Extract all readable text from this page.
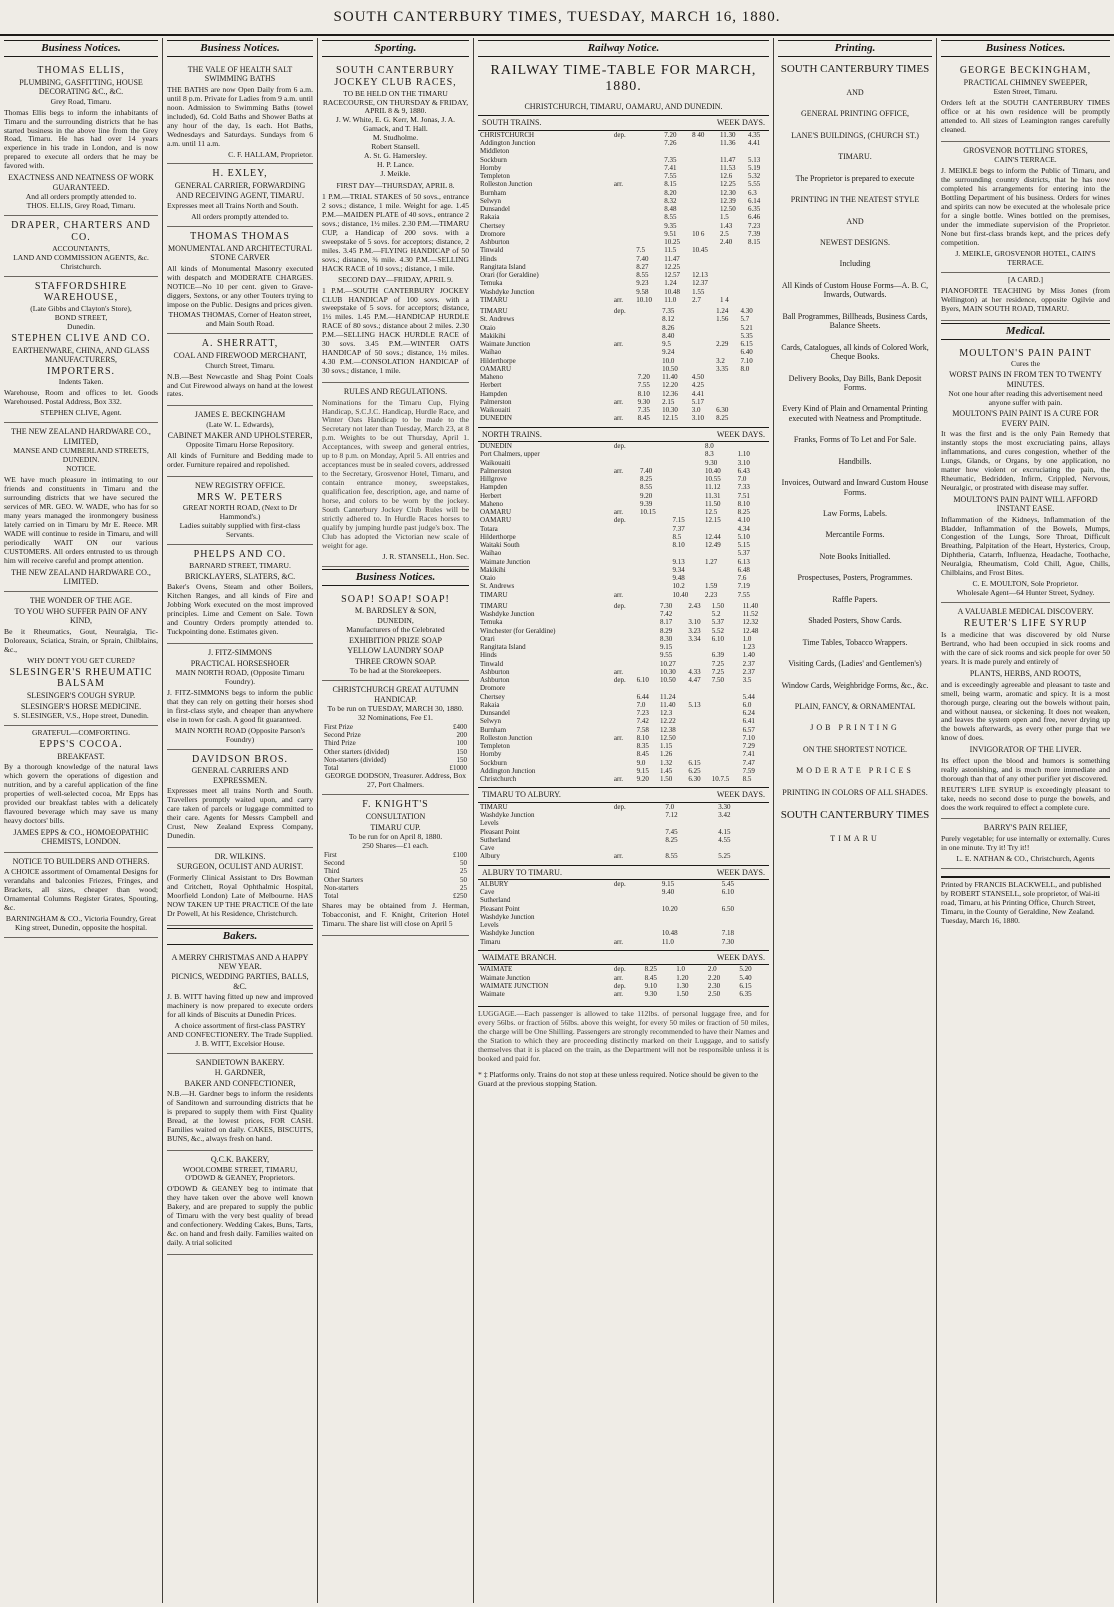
SOUTH CANTERBURY TIMES, TUESDAY, MARCH 16, 1880.
Business Notices.
THOMAS ELLIS,
PLUMBING, GASFITTING, HOUSE DECORATING &C., &C.
Grey Road, Timaru.

Thomas Ellis begs to inform the inhabitants of Timaru and the surrounding districts that he has started business in the above line from the Grey Road, Timaru. He has had over 14 years experience in his trade in London, and is now prepared to execute all orders that he may be favored with.

EXACTNESS AND NEATNESS OF WORK GUARANTEED.
And all orders promptly attended to.
THOS. ELLIS, Grey Road, Timaru.
DRAPER, CHARTERS AND CO.
ACCOUNTANTS,
LAND AND COMMISSION AGENTS, &c.
Christchurch.
STAFFORDSHIRE WAREHOUSE,
(Late Gibbs and Clayton's Store),
BOND STREET,
Dunedin.
STEPHEN CLIVE AND CO.
EARTHENWARE, CHINA, AND GLASS MANUFACTURERS,
IMPORTERS.
Indents Taken.

Warehouse, Room and offices to let. Goods Warehoused. Postal Address, Box 332.

STEPHEN CLIVE, Agent.
THE NEW ZEALAND HARDWARE CO., LIMITED,
MANSE AND CUMBERLAND STREETS, DUNEDIN.
NOTICE.

WE have much pleasure in intimating to our friends and constituents in Timaru and the surrounding districts that we have secured the services of MR. GEO. W. WADE, who has for so many years managed the ironmongery business lately carried on in Timaru by Mr E. Reece. MR WADE will continue to reside in Timaru, and will periodically WAIT ON our various CUSTOMERS. All orders entrusted to us through him will receive careful and prompt attention.

THE NEW ZEALAND HARDWARE CO., LIMITED.
THE WONDER OF THE AGE.
TO YOU WHO SUFFER PAIN OF ANY KIND,

Be it Rheumatics, Gout, Neuralgia, Tic-Doloreaux, Sciatica, Strain, or Sprain, Chilblains, &c.,

WHY DON'T YOU GET CURED?
SLESINGER'S RHEUMATIC BALSAM
SLESINGER'S COUGH SYRUP.
SLESINGER'S HORSE MEDICINE.
S. SLESINGER, V.S., Hope street, Dunedin.
GRATEFUL—COMFORTING.
EPPS'S COCOA.
BREAKFAST.

By a thorough knowledge of the natural laws which govern the operations of digestion and nutrition, and by a careful application of the fine properties of well-selected cocoa, Mr Epps has provided our breakfast tables with a delicately flavoured beverage which may save us many heavy doctors' bills.

JAMES EPPS & CO., HOMOEOPATHIC CHEMISTS, LONDON.
NOTICE TO BUILDERS AND OTHERS.

A CHOICE assortment of Ornamental Designs for verandahs and balconies Friezes, Fringes, and Brackets, all sizes, cheaper than wood; Ornamental Columns Register Grates, Spouting, &c.

BARNINGHAM & CO., Victoria Foundry, Great King street, Dunedin, opposite the hospital.
Business Notices.
THE VALE OF HEALTH SALT SWIMMING BATHS

THE BATHS are now Open Daily from 6 a.m. until 8 p.m. Private for Ladies from 9 a.m. until noon. Admission to Swimming Baths (towel included), 6d. Cold Baths and Shower Baths at any hour of the day, 1s each. Hot Baths, Wednesdays and Saturdays. Sundays from 6 a.m. until 11 a.m.

C. F. HALLAM, Proprietor.
H. EXLEY,
GENERAL CARRIER, FORWARDING AND RECEIVING AGENT, TIMARU.

Expresses meet all Trains North and South.

All orders promptly attended to.
THOMAS THOMAS
MONUMENTAL AND ARCHITECTURAL STONE CARVER

All kinds of Monumental Masonry executed with despatch and MODERATE CHARGES. NOTICE—No 10 per cent. given to Grave-diggers, Sextons, or any other Touters trying to impose on the Public. Designs and prices given.

THOMAS THOMAS, Corner of Heaton street, and Main South Road.
A. SHERRATT,
COAL AND FIREWOOD MERCHANT,
Church Street, Timaru.

N.B.—Best Newcastle and Shag Point Coals and Cut Firewood always on hand at the lowest rates.

JAMES E. BECKINGHAM
(Late W. L. Edwards),
CABINET MAKER AND UPHOLSTERER,
Opposite Timaru Horse Repository.

All kinds of Furniture and Bedding made to order. Furniture repaired and repolished.

NEW REGISTRY OFFICE.
MRS W. PETERS
GREAT NORTH ROAD, (Next to Dr Hammond's.)
Ladies suitably supplied with first-class Servants.
PHELPS AND CO.
BARNARD STREET, TIMARU.
BRICKLAYERS, SLATERS, &C.

Baker's Ovens, Steam and other Boilers, Kitchen Ranges, and all kinds of Fire and Jobbing Work executed on the most improved principles. Lime and Cement on Sale. Town and Country Orders promptly attended to. Tuckpointing done. Estimates given.

J. FITZ-SIMMONS
PRACTICAL HORSESHOER
MAIN NORTH ROAD, (Opposite Timaru Foundry).

J. FITZ-SIMMONS begs to inform the public that they can rely on getting their horses shod in first-class style, and cheaper than anywhere else in town for cash. A good fit guaranteed.

MAIN NORTH ROAD (Opposite Parson's Foundry)
DAVIDSON BROS.
GENERAL CARRIERS AND EXPRESSMEN.

Expresses meet all trains North and South. Travellers promptly waited upon, and carry care taken of parcels or luggage committed to their care. Agents for Messrs Campbell and Crust, New Zealand Express Company, Dunedin.

DR. WILKINS.
SURGEON, OCULIST AND AURIST.

(Formerly Clinical Assistant to Drs Bowman and Critchett, Royal Ophthalmic Hospital, Moorfield London) Late of Melbourne. HAS NOW TAKEN UP THE PRACTICE Of the late Dr Powell, At his Residence, Christchurch.

Bakers.
A MERRY CHRISTMAS AND A HAPPY NEW YEAR.
PICNICS, WEDDING PARTIES, BALLS, &C.

J. B. WITT having fitted up new and improved machinery is now prepared to execute orders for all kinds of Biscuits at Dunedin Prices.

A choice assortment of first-class PASTRY AND CONFECTIONERY. The Trade Supplied.
J. B. WITT, Excelsior House.
SANDIETOWN BAKERY.
H. GARDNER,
BAKER AND CONFECTIONER,

N.B.—H. Gardner begs to inform the residents of Sanditown and surrounding districts that he is prepared to supply them with First Quality Bread, at the lowest prices, FOR CASH. Families waited on daily. CAKES, BISCUITS, BUNS, &c., always fresh on hand.

Q.C.K. BAKERY,
WOOLCOMBE STREET, TIMARU,
O'DOWD & GEANEY, Proprietors.

O'DOWD & GEANEY beg to intimate that they have taken over the above well known Bakery, and are prepared to supply the public of Timaru with the very best quality of bread and confectionery. Wedding Cakes, Buns, Tarts, &c. on hand and fresh daily. Families waited on daily. A trial solicited

Sporting.
SOUTH CANTERBURY JOCKEY CLUB RACES,
TO BE HELD ON THE TIMARU RACECOURSE, ON THURSDAY & FRIDAY, APRIL 8 & 9, 1880.
J. W. White, E. G. Kerr, M. Jonas, J. A. Gamack, and T. Hall.
M. Studholme.
Robert Stansell.
A. St. G. Hamersley.
H. P. Lance.
J. Meikle.
FIRST DAY—THURSDAY, APRIL 8.

1 P.M.—TRIAL STAKES of 50 sovs., entrance 2 sovs.; distance, 1 mile. Weight for age. 1.45 P.M.—MAIDEN PLATE of 40 sovs., entrance 2 sovs.; distance, 1½ miles. 2.30 P.M.—TIMARU CUP, a Handicap of 200 sovs. with a sweepstake of 5 sovs. for acceptors; distance, 2 miles. 3.45 P.M.—FLYING HANDICAP of 50 sovs.; distance, ¾ mile. 4.30 P.M.—SELLING HACK RACE of 10 sovs.; distance, 1 mile.

SECOND DAY—FRIDAY, APRIL 9.

1 P.M.—SOUTH CANTERBURY JOCKEY CLUB HANDICAP of 100 sovs. with a sweepstake of 5 sovs. for acceptors; distance, 1½ miles. 1.45 P.M.—HANDICAP HURDLE RACE of 80 sovs.; distance about 2 miles. 2.30 P.M.—SELLING HACK HURDLE RACE of 30 sovs. 3.45 P.M.—WINTER OATS HANDICAP of 50 sovs.; distance, 1½ miles. 4.30 P.M.—CONSOLATION HANDICAP of 30 sovs.; distance, 1 mile.

RULES AND REGULATIONS.

Nominations for the Timaru Cup, Flying Handicap, S.C.J.C. Handicap, Hurdle Race, and Winter Oats Handicap to be made to the Secretary not later than Tuesday, March 23, at 8 p.m. Weights to be out Thursday, April 1. Acceptances, with sweep and general entries, up to 8 p.m. on Monday, April 5. All entries and acceptances must be in sealed covers, addressed to the Secretary, Grosvenor Hotel, Timaru, and contain entrance money, sweepstakes, qualification fee, description, age, and name of horse, and colors to be worn by the jockey. South Canterbury Jockey Club Rules will be strictly adhered to. In Hurdle Races horses to qualify by jumping hurdle past judge's box. The Club has adopted the Victorian new scale of weight for age.

J. R. STANSELL, Hon. Sec.
Business Notices.
SOAP! SOAP! SOAP!
M. BARDSLEY & SON,
DUNEDIN,
Manufacturers of the Celebrated
EXHIBITION PRIZE SOAP
YELLOW LAUNDRY SOAP
THREE CROWN SOAP.
To be had at the Storekeepers.
CHRISTCHURCH GREAT AUTUMN HANDICAP.
To be run on TUESDAY, MARCH 30, 1880.
32 Nominations, Fee £1.
First Prize	£400
Second Prize	200
Third Prize	100
Other starters (divided)	150
Non-starters (divided)	150
Total	£1000
GEORGE DODSON, Treasurer. Address, Box 27, Port Chalmers.
F. KNIGHT'S
CONSULTATION
TIMARU CUP.
To be run for on April 8, 1880.
250 Shares—£1 each.
First	£100
Second	50
Third	25
Other Starters	50
Non-starters	25
Total	£250

Shares may be obtained from J. Herman, Tobacconist, and F. Knight, Criterion Hotel Timaru. The share list will close on April 5

Railway Notice.
RAILWAY TIME-TABLE FOR MARCH, 1880.
CHRISTCHURCH, TIMARU, OAMARU, AND DUNEDIN.
SOUTH TRAINS.	WEEK DAYS.
CHRISTCHURCH	dep.		7.20	8 40	11.30	4.35
Addington Junction			7.26		11.36	4.41
Middleton						
Sockburn			7.35		11.47	5.13
Hornby			7.41		11.53	5.19
Templeton			7.55		12.6	5.32
Rolleston Junction	arr.		8.15		12.25	5.55
Burnham			8.20		12.30	6.3
Selwyn			8.32		12.39	6.14
Dunsandel			8.48		12.50	6.35
Rakaia			8.55		1.5	6.46
Chertsey			9.35		1.43	7.23
Dromore			9.51	10 6	2.5	7.39
Ashburton			10.25		2.40	8.15
Tinwald		7.5	11.5	10.45		
Hinds		7.40	11.47			
Rangitata Island		8.27	12.25			
Orari (for Geraldine)		8.55	12.57	12.13		
Temuka		9.23	1.24	12.37		
Washdyke Junction		9.58	10.48	1.55		
TIMARU	arr.	10.10	11.0	2.7	1 4	
TIMARU	dep.		7.35		1.24	4.30	
St. Andrews			8.12		1.56	5.7	
Otaio			8.26			5.21	
Makikihi			8.40			5.35	
Waimate Junction	arr.		9.5		2.29	6.15	
Waihao			9.24			6.40	
Hilderthorpe			10.0		3.2	7.10	
OAMARU			10.50		3.35	8.0	
Maheno		7.20	11.40	4.50			
Herbert		7.55	12.20	4.25			
Hampden		8.10	12.36	4.41			
Palmerston	arr.	9.30	2.15	5.17			
Waikouaiti		7.35	10.30	3.0	6.30		
DUNEDIN	arr.	8.45	12.15	3.10	8.25		
NORTH TRAINS.	WEEK DAYS.
DUNEDIN	dep.			8.0		
Port Chalmers, upper				8.3	1.10	
Waikouaiti				9.30	3.10	
Palmerston	arr.	7.40		10.40	6.43	
Hillgrove		8.25		10.55	7.0	
Hampden		8.55		11.12	7.33	
Herbert		9.20		11.31	7.51	
Maheno		9.39		11.50	8.10	
OAMARU	arr.	10.15		12.5	8.25	
OAMARU	dep.		7.15	12.15	4.10	
Totara			7.37		4.34	
Hilderthorpe			8.5	12.44	5.10	
Waitaki South			8.10	12.49	5.15	
Waihao					5.37	
Waimate Junction			9.13	1.27	6.13	
Makikihi			9.34		6.48	
Otaio			9.48		7.6	
St. Andrews			10.2	1.59	7.19	
TIMARU	arr.		10.40	2.23	7.55	
TIMARU	dep.		7.30	2.43	1.50	11.40
Washdyke Junction			7.42		5.2	11.52
Temuka			8.17	3.10	5.37	12.32
Winchester (for Geraldine)			8.29	3.23	5.52	12.48
Orari			8.30	3.34	6.10	1.0
Rangitata Island			9.15			1.23
Hinds			9.55		6.39	1.40
Tinwald			10.27		7.25	2.37
Ashburton	arr.		10.30	4.33	7.25	2.37
Ashburton	dep.	6.10	10.50	4.47	7.50	3.5
Dromore						
Chertsey		6.44	11.24			5.44
Rakaia		7.0	11.40	5.13		6.0
Dunsandel		7.23	12.3			6.24
Selwyn		7.42	12.22			6.41
Burnham		7.58	12.38			6.57
Rolleston Junction	arr.	8.10	12.50			7.10
Templeton		8.35	1.15			7.29
Hornby		8.45	1.26			7.41
Sockburn		9.0	1.32	6.15		7.47
Addington Junction		9.15	1.45	6.25		7.59
Christchurch	arr.	9.20	1.50	6.30	10.7.5	8.5
TIMARU TO ALBURY.	WEEK DAYS.
TIMARU	dep.	7.0	3.30
Washdyke Junction		7.12	3.42
Levels			
Pleasant Point		7.45	4.15
Sutherland		8.25	4.55
Cave			
Albury	arr.	8.55	5.25
ALBURY TO TIMARU.	WEEK DAYS.
ALBURY	dep.	9.15	5.45
Cave		9.40	6.10
Sutherland			
Pleasant Point		10.20	6.50
Washdyke Junction			
Levels			
Washdyke Junction		10.48	7.18
Timaru	arr.	11.0	7.30
WAIMATE BRANCH.	WEEK DAYS.
WAIMATE	dep.	8.25	1.0	2.0	5.20
Waimate Junction	arr.	8.45	1.20	2.20	5.40
WAIMATE JUNCTION	dep.	9.10	1.30	2.30	6.15
Waimate	arr.	9.30	1.50	2.50	6.35

LUGGAGE.—Each passenger is allowed to take 112lbs. of personal luggage free, and for every 56lbs. or fraction of 56lbs. above this weight, for every 50 miles or fraction of 50 miles, the charge will be One Shilling. Passengers are strongly recommended to have their Names and the Station to which they are proceeding distinctly marked on their Luggage, and to satisfy themselves that it is placed on the train, as the Department will not be responsible unless it is booked and paid for.

* ‡ Platforms only. Trains do not stop at these unless required. Notice should be given to the Guard at the previous stopping Station.

Printing.
SOUTH CANTERBURY TIMES
AND
GENERAL PRINTING OFFICE,
LANE'S BUILDINGS, (CHURCH ST.)
TIMARU.
The Proprietor is prepared to execute
PRINTING IN THE NEATEST STYLE
AND
NEWEST DESIGNS.
Including
All Kinds of Custom House Forms—A. B. C, Inwards, Outwards.
Ball Programmes, Billheads, Business Cards, Balance Sheets.
Cards, Catalogues, all kinds of Colored Work, Cheque Books.
Delivery Books, Day Bills, Bank Deposit Forms.
Every Kind of Plain and Ornamental Printing executed with Neatness and Promptitude.
Franks, Forms of To Let and For Sale.
Handbills.
Invoices, Outward and Inward Custom House Forms.
Law Forms, Labels.
Mercantile Forms.
Note Books Initialled.
Prospectuses, Posters, Programmes.
Raffle Papers.
Shaded Posters, Show Cards.
Time Tables, Tobacco Wrappers.
Visiting Cards, (Ladies' and Gentlemen's)
Window Cards, Weighbridge Forms, &c., &c.
PLAIN, FANCY, & ORNAMENTAL
JOB PRINTING
ON THE SHORTEST NOTICE.
MODERATE PRICES
PRINTING IN COLORS OF ALL SHADES.
SOUTH CANTERBURY TIMES
TIMARU
Business Notices.
GEORGE BECKINGHAM,
PRACTICAL CHIMNEY SWEEPER,
Esten Street, Timaru.

Orders left at the SOUTH CANTERBURY TIMES office or at his own residence will be promptly attended to. All sizes of Leamington ranges carefully cleaned.

GROSVENOR BOTTLING STORES,
CAIN'S TERRACE.

J. MEIKLE begs to inform the Public of Timaru, and the surrounding country districts, that he has now completed his arrangements for entering into the Bottling Department of his business. Orders for wines and spirits can now be executed at the wholesale price for a single bottle. Wines bottled on the premises, under the immediate supervision of the Proprietor. None but first-class brands kept, and the prices defy competition.

J. MEIKLE, GROSVENOR HOTEL, CAIN'S TERRACE.
[A CARD.]

PIANOFORTE TEACHING by Miss Jones (from Wellington) at her residence, opposite Ogilvie and Byers, MAIN SOUTH ROAD, TIMARU.

Medical.
MOULTON'S PAIN PAINT
Cures the
WORST PAINS IN FROM TEN TO TWENTY MINUTES.
Not one hour after reading this advertisement need anyone suffer with pain.
MOULTON'S PAIN PAINT IS A CURE FOR EVERY PAIN.

It was the first and is the only Pain Remedy that instantly stops the most excruciating pains, allays inflammations, and cures congestion, whether of the Lungs, Glands, or Organs, by one application, no matter how violent or excruciating the pain, the Rheumatic, Bedridden, Infirm, Crippled, Nervous, Neuralgic, or prostrated with disease may suffer.

MOULTON'S PAIN PAINT WILL AFFORD INSTANT EASE.

Inflammation of the Kidneys, Inflammation of the Bladder, Inflammation of the Bowels, Mumps, Congestion of the Lungs, Sore Throat, Difficult Breathing, Palpitation of the Heart, Hysterics, Croup, Diphtheria, Catarrh, Influenza, Headache, Toothache, Neuralgia, Rheumatism, Cold Chill, Ague, Chills, Chilblains, and Frost Bites.

C. E. MOULTON, Sole Proprietor.
Wholesale Agent—64 Hunter Street, Sydney.
A VALUABLE MEDICAL DISCOVERY.
REUTER'S LIFE SYRUP

Is a medicine that was discovered by old Nurse Bertrand, who had been occupied in sick rooms and with the care of sick rooms and sick people for over 50 years. It is made purely and entirely of

PLANTS, HERBS, AND ROOTS,

and is exceedingly agreeable and pleasant to taste and smell, being warm, aromatic and spicy. It is a most thorough purge, clearing out the bowels without pain, and without nausea, or sickening. It does not weaken, and leaves the system open and free, never drying up the bowels afterwards, as every other purge that we know of does.

INVIGORATOR OF THE LIVER.

Its effect upon the blood and humors is something really astonishing, and is much more immediate and thorough than that of any other purifier yet discovered.

REUTER'S LIFE SYRUP is exceedingly pleasant to take, needs no second dose to purge the bowels, and does the work required to effect a complete cure.

BARRY'S PAIN RELIEF,

Purely vegetable; for use internally or externally. Cures in one minute. Try it! Try it!!

L. E. NATHAN & CO., Christchurch, Agents

Printed by FRANCIS BLACKWELL, and published by ROBERT STANSELL, sole proprietor, of Wai-iti road, Timaru, at his Printing Office, Church Street, Timaru, in the County of Geraldine, New Zealand. Tuesday, March 16, 1880.
